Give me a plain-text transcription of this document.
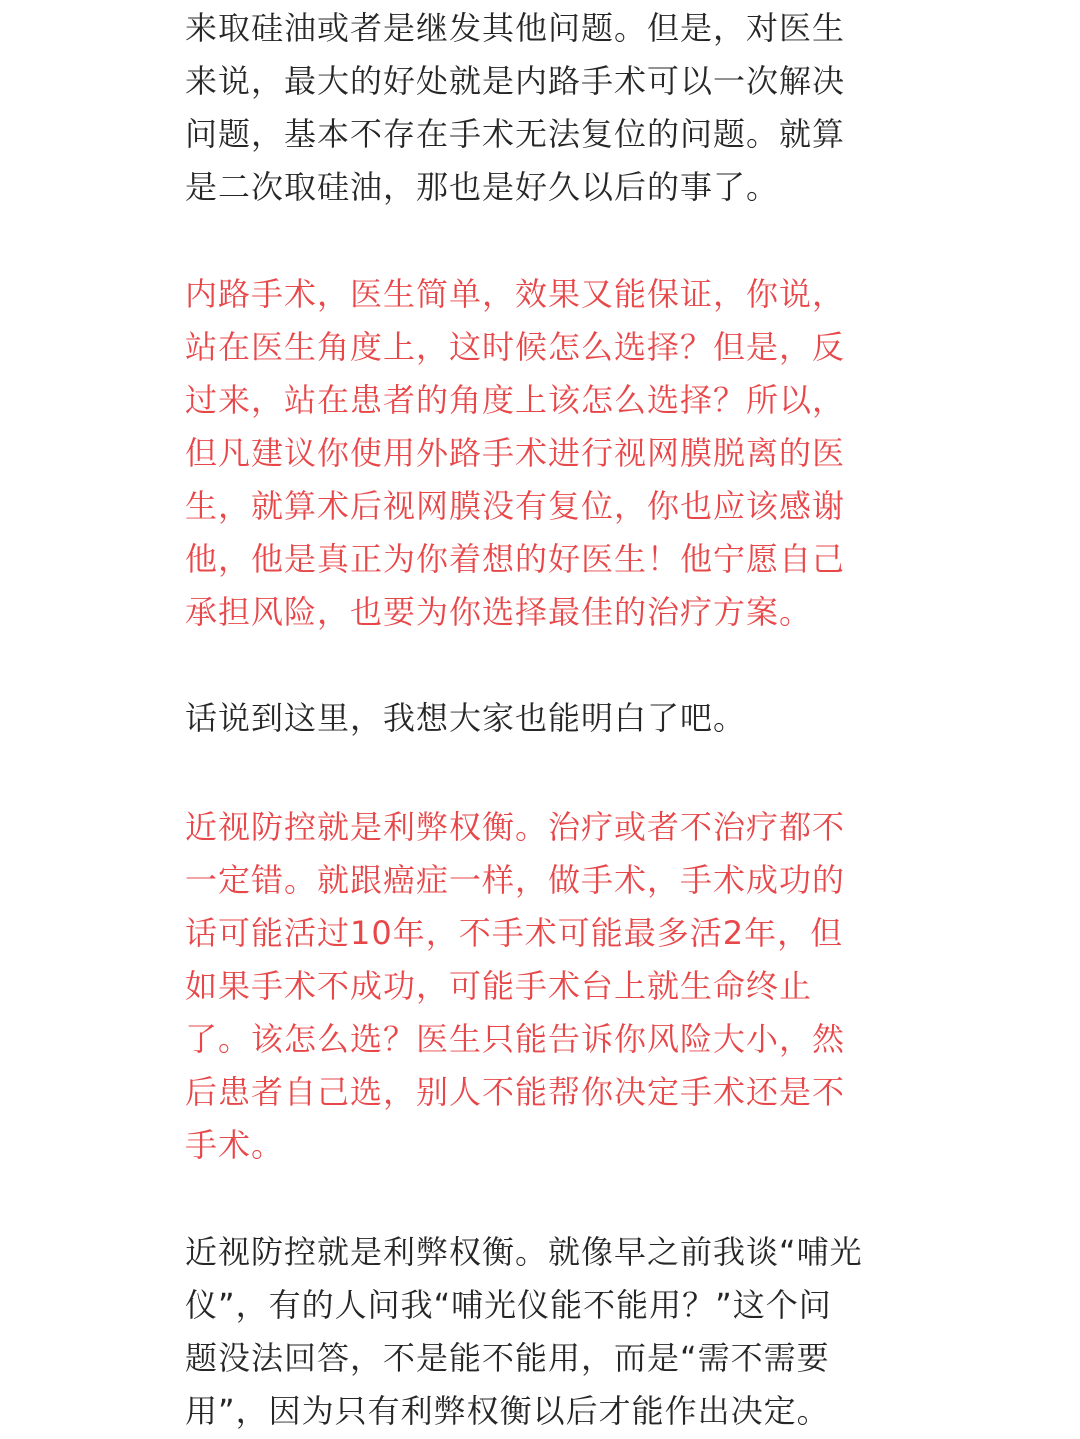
来取硅油或者是继发其他问题。但是，对医生
来说，最大的好处就是内路手术可以一次解决
问题，基本不存在手术无法复位的问题。就算
是二次取硅油，那也是好久以后的事了。

内路手术，医生简单，效果又能保证，你说，
站在医生角度上，这时候怎么选择？但是，反
过来，站在患者的角度上该怎么选择？所以，
但凡建议你使用外路手术进行视网膜脱离的医
生，就算术后视网膜没有复位，你也应该感谢
他，他是真正为你着想的好医生！他宁愿自己
承担风险，也要为你选择最佳的治疗方案。

话说到这里，我想大家也能明白了吧。

近视防控就是利弊权衡。治疗或者不治疗都不
一定错。就跟癌症一样，做手术，手术成功的
话可能活过10年，不手术可能最多活2年，但
如果手术不成功，可能手术台上就生命终止
了。该怎么选？医生只能告诉你风险大小，然
后患者自己选，别人不能帮你决定手术还是不
手术。

近视防控就是利弊权衡。就像早之前我谈“哺光
仪”，有的人问我“哺光仪能不能用？”这个问
题没法回答，不是能不能用，而是“需不需要
用”，因为只有利弊权衡以后才能作出决定。
